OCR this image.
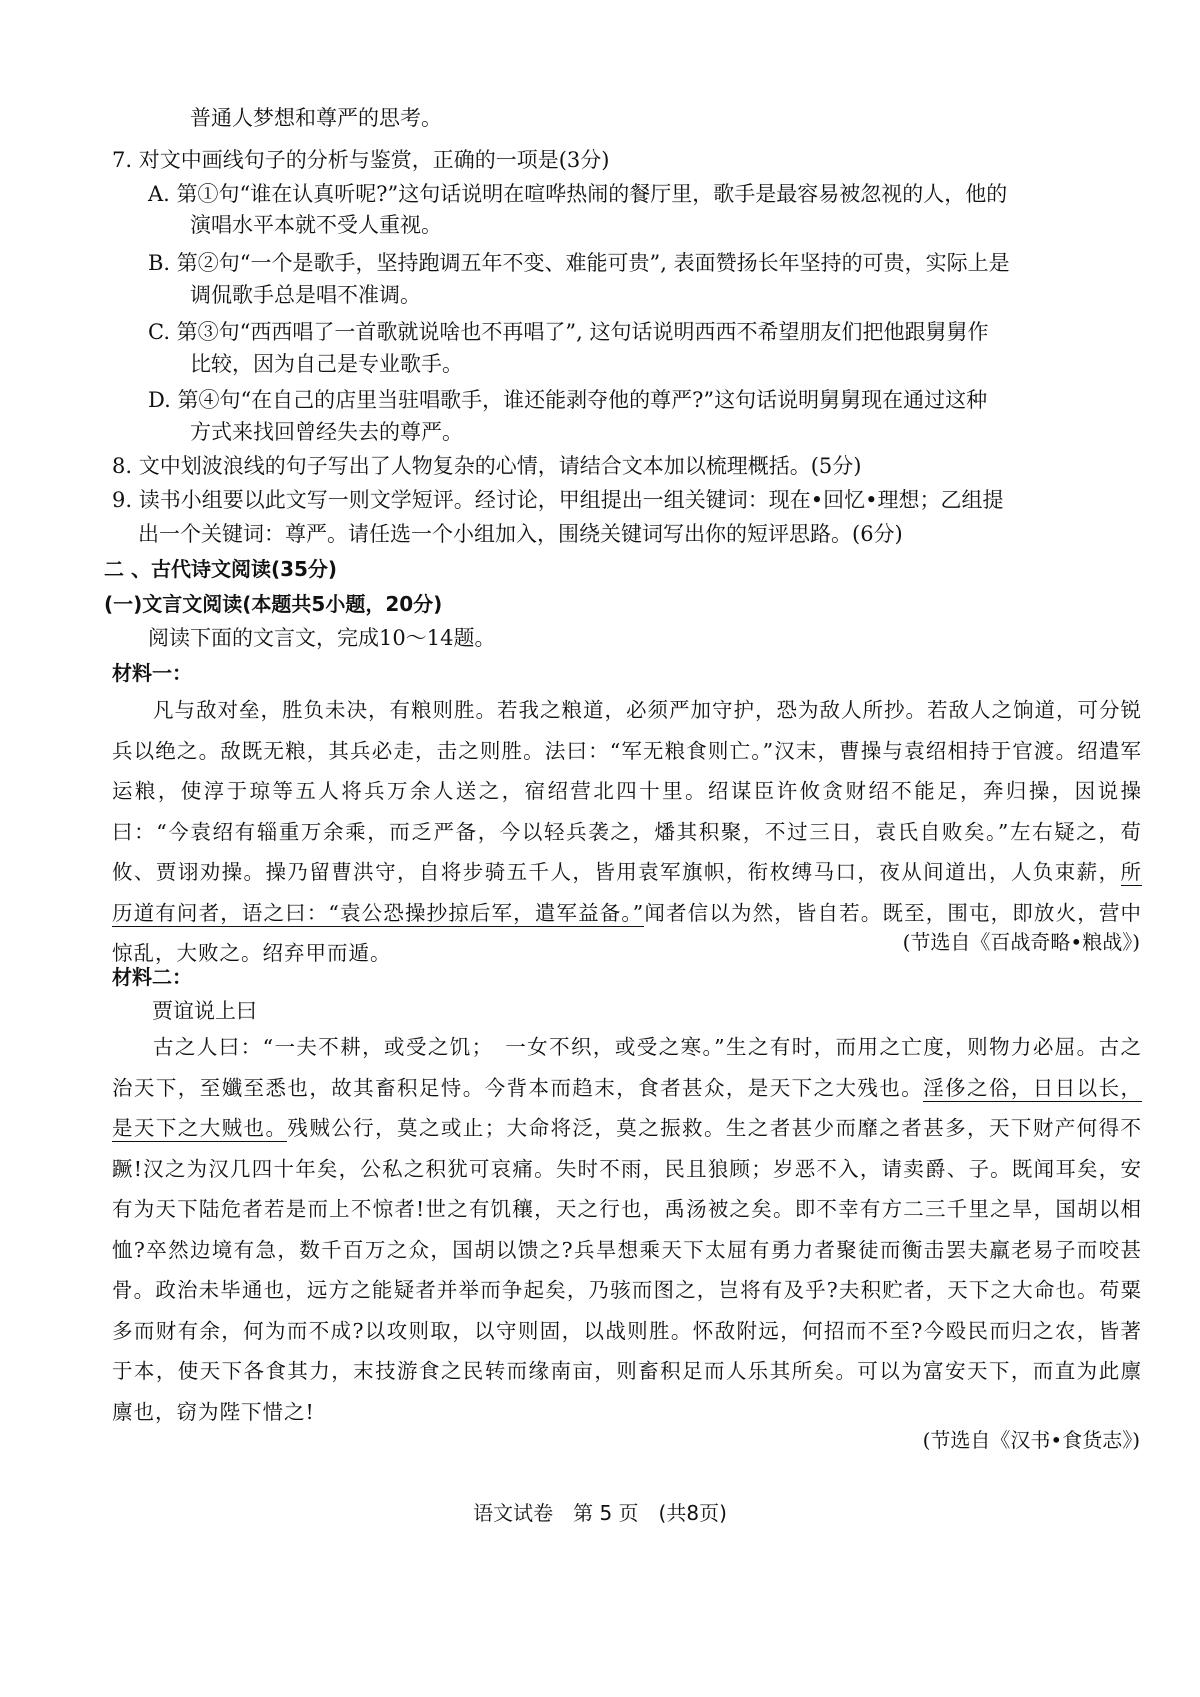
普通人梦想和尊严的思考。
7. 对文中画线句子的分析与鉴赏，正确的一项是(3分)
A. 第①句“谁在认真听呢?”这句话说明在喧哗热闹的餐厅里，歌手是最容易被忽视的人，他的
演唱水平本就不受人重视。
B. 第②句“一个是歌手，坚持跑调五年不变、难能可贵”, 表面赞扬长年坚持的可贵，实际上是
调侃歌手总是唱不准调。
C. 第③句“西西唱了一首歌就说啥也不再唱了”, 这句话说明西西不希望朋友们把他跟舅舅作
比较，因为自己是专业歌手。
D. 第④句“在自己的店里当驻唱歌手，谁还能剥夺他的尊严?”这句话说明舅舅现在通过这种
方式来找回曾经失去的尊严。
8. 文中划波浪线的句子写出了人物复杂的心情，请结合文本加以梳理概括。(5分)
9. 读书小组要以此文写一则文学短评。经讨论，甲组提出一组关键词：现在•回忆•理想；乙组提
出一个关键词：尊严。请任选一个小组加入，围绕关键词写出你的短评思路。(6分)
二 、古代诗文阅读(35分)
(一)文言文阅读(本题共5小题，20分)
阅读下面的文言文，完成10～14题。
材料一：
凡与敌对垒，胜负未决，有粮则胜。若我之粮道，必须严加守护，恐为敌人所抄。若敌人之饷道，可分锐兵以绝之。敌既无粮，其兵必走，击之则胜。法曰：“军无粮食则亡。”汉末，曹操与袁绍相持于官渡。绍遣军运粮，使淳于琼等五人将兵万余人送之，宿绍营北四十里。绍谋臣许攸贪财绍不能足，奔归操，因说操曰：“今袁绍有辎重万余乘，而乏严备，今以轻兵袭之，燔其积聚，不过三日，袁氏自败矣。”左右疑之，荀攸、贾诩劝操。操乃留曹洪守，自将步骑五千人，皆用袁军旗帜，衔枚缚马口，夜从间道出，人负束薪，所历道有问者，语之曰：“袁公恐操抄掠后军，遣军益备。”闻者信以为然，皆自若。既至，围屯，即放火，营中惊乱，大败之。绍弃甲而遁。	(节选自《百战奇略•粮战》)
材料二：
贾谊说上曰
古之人曰：“一夫不耕，或受之饥；　一女不织，或受之寒。”生之有时，而用之亡度，则物力必屈。古之治天下，至孅至悉也，故其畜积足恃。今背本而趋末，食者甚众，是天下之大残也。淫侈之俗，日日以长，是天下之大贼也。残贼公行，莫之或止；大命将泛，莫之振救。生之者甚少而靡之者甚多，天下财产何得不蹶!汉之为汉几四十年矣，公私之积犹可哀痛。失时不雨，民且狼顾；岁恶不入，请卖爵、子。既闻耳矣，安有为天下陆危者若是而上不惊者!世之有饥穰，天之行也，禹汤被之矣。即不幸有方二三千里之旱，国胡以相恤?卒然边境有急，数千百万之众，国胡以馈之?兵旱想乘天下太屈有勇力者聚徒而衡击罢夫羸老易子而咬甚骨。政治未毕通也，远方之能疑者并举而争起矣，乃骇而图之，岂将有及乎?夫积贮者，天下之大命也。苟粟多而财有余，何为而不成?以攻则取，以守则固，以战则胜。怀敌附远，何招而不至?今殴民而归之农，皆著于本，使天下各食其力，末技游食之民转而缘南亩，则畜积足而人乐其所矣。可以为富安天下，而直为此廪廪也，窃为陛下惜之!
(节选自《汉书•食货志》)
语文试卷　第 5 页　(共8页)
